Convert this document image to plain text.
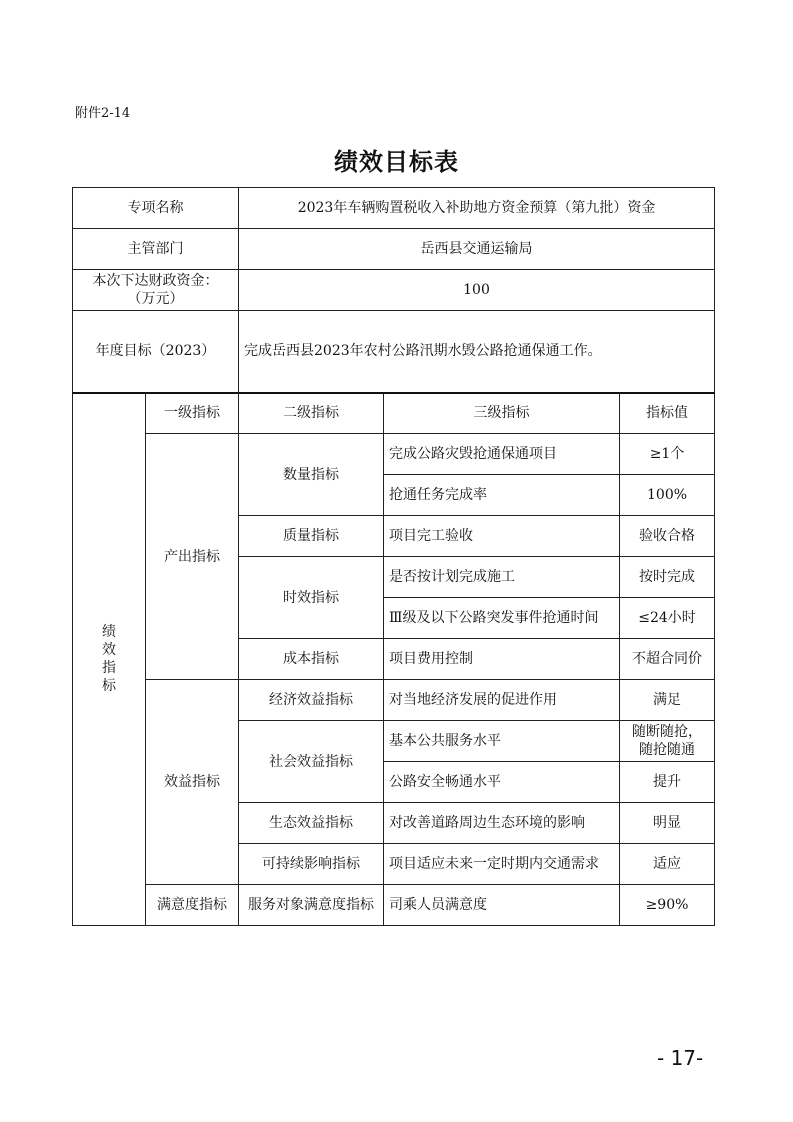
附件2-14
绩效目标表
专项名称		2023年车辆购置税收入补助地方资金预算（第九批）资金		
主管部门		岳西县交通运输局		

本次下达财政资金：
（万元）		100		
年度目标（2023）		完成岳西县2023年农村公路汛期水毁公路抢通保通工作。		

绩
效
指
标	一级指标	二级指标	三级指标	指标值
	产出指标	数量指标	完成公路灾毁抢通保通项目	≥1个
			抢通任务完成率	100%
		质量指标	项目完工验收	验收合格
		时效指标	是否按计划完成施工	按时完成
			Ⅲ级及以下公路突发事件抢通时间	≤24小时
		成本指标	项目费用控制	不超合同价
	效益指标	经济效益指标	对当地经济发展的促进作用	满足
		社会效益指标	基本公共服务水平	随断随抢，
随抢随通

			公路安全畅通水平	提升
		生态效益指标	对改善道路周边生态环境的影响	明显
		可持续影响指标	项目适应未来一定时期内交通需求	适应
	满意度指标	服务对象满意度指标	司乘人员满意度	≥90%
- 17-
